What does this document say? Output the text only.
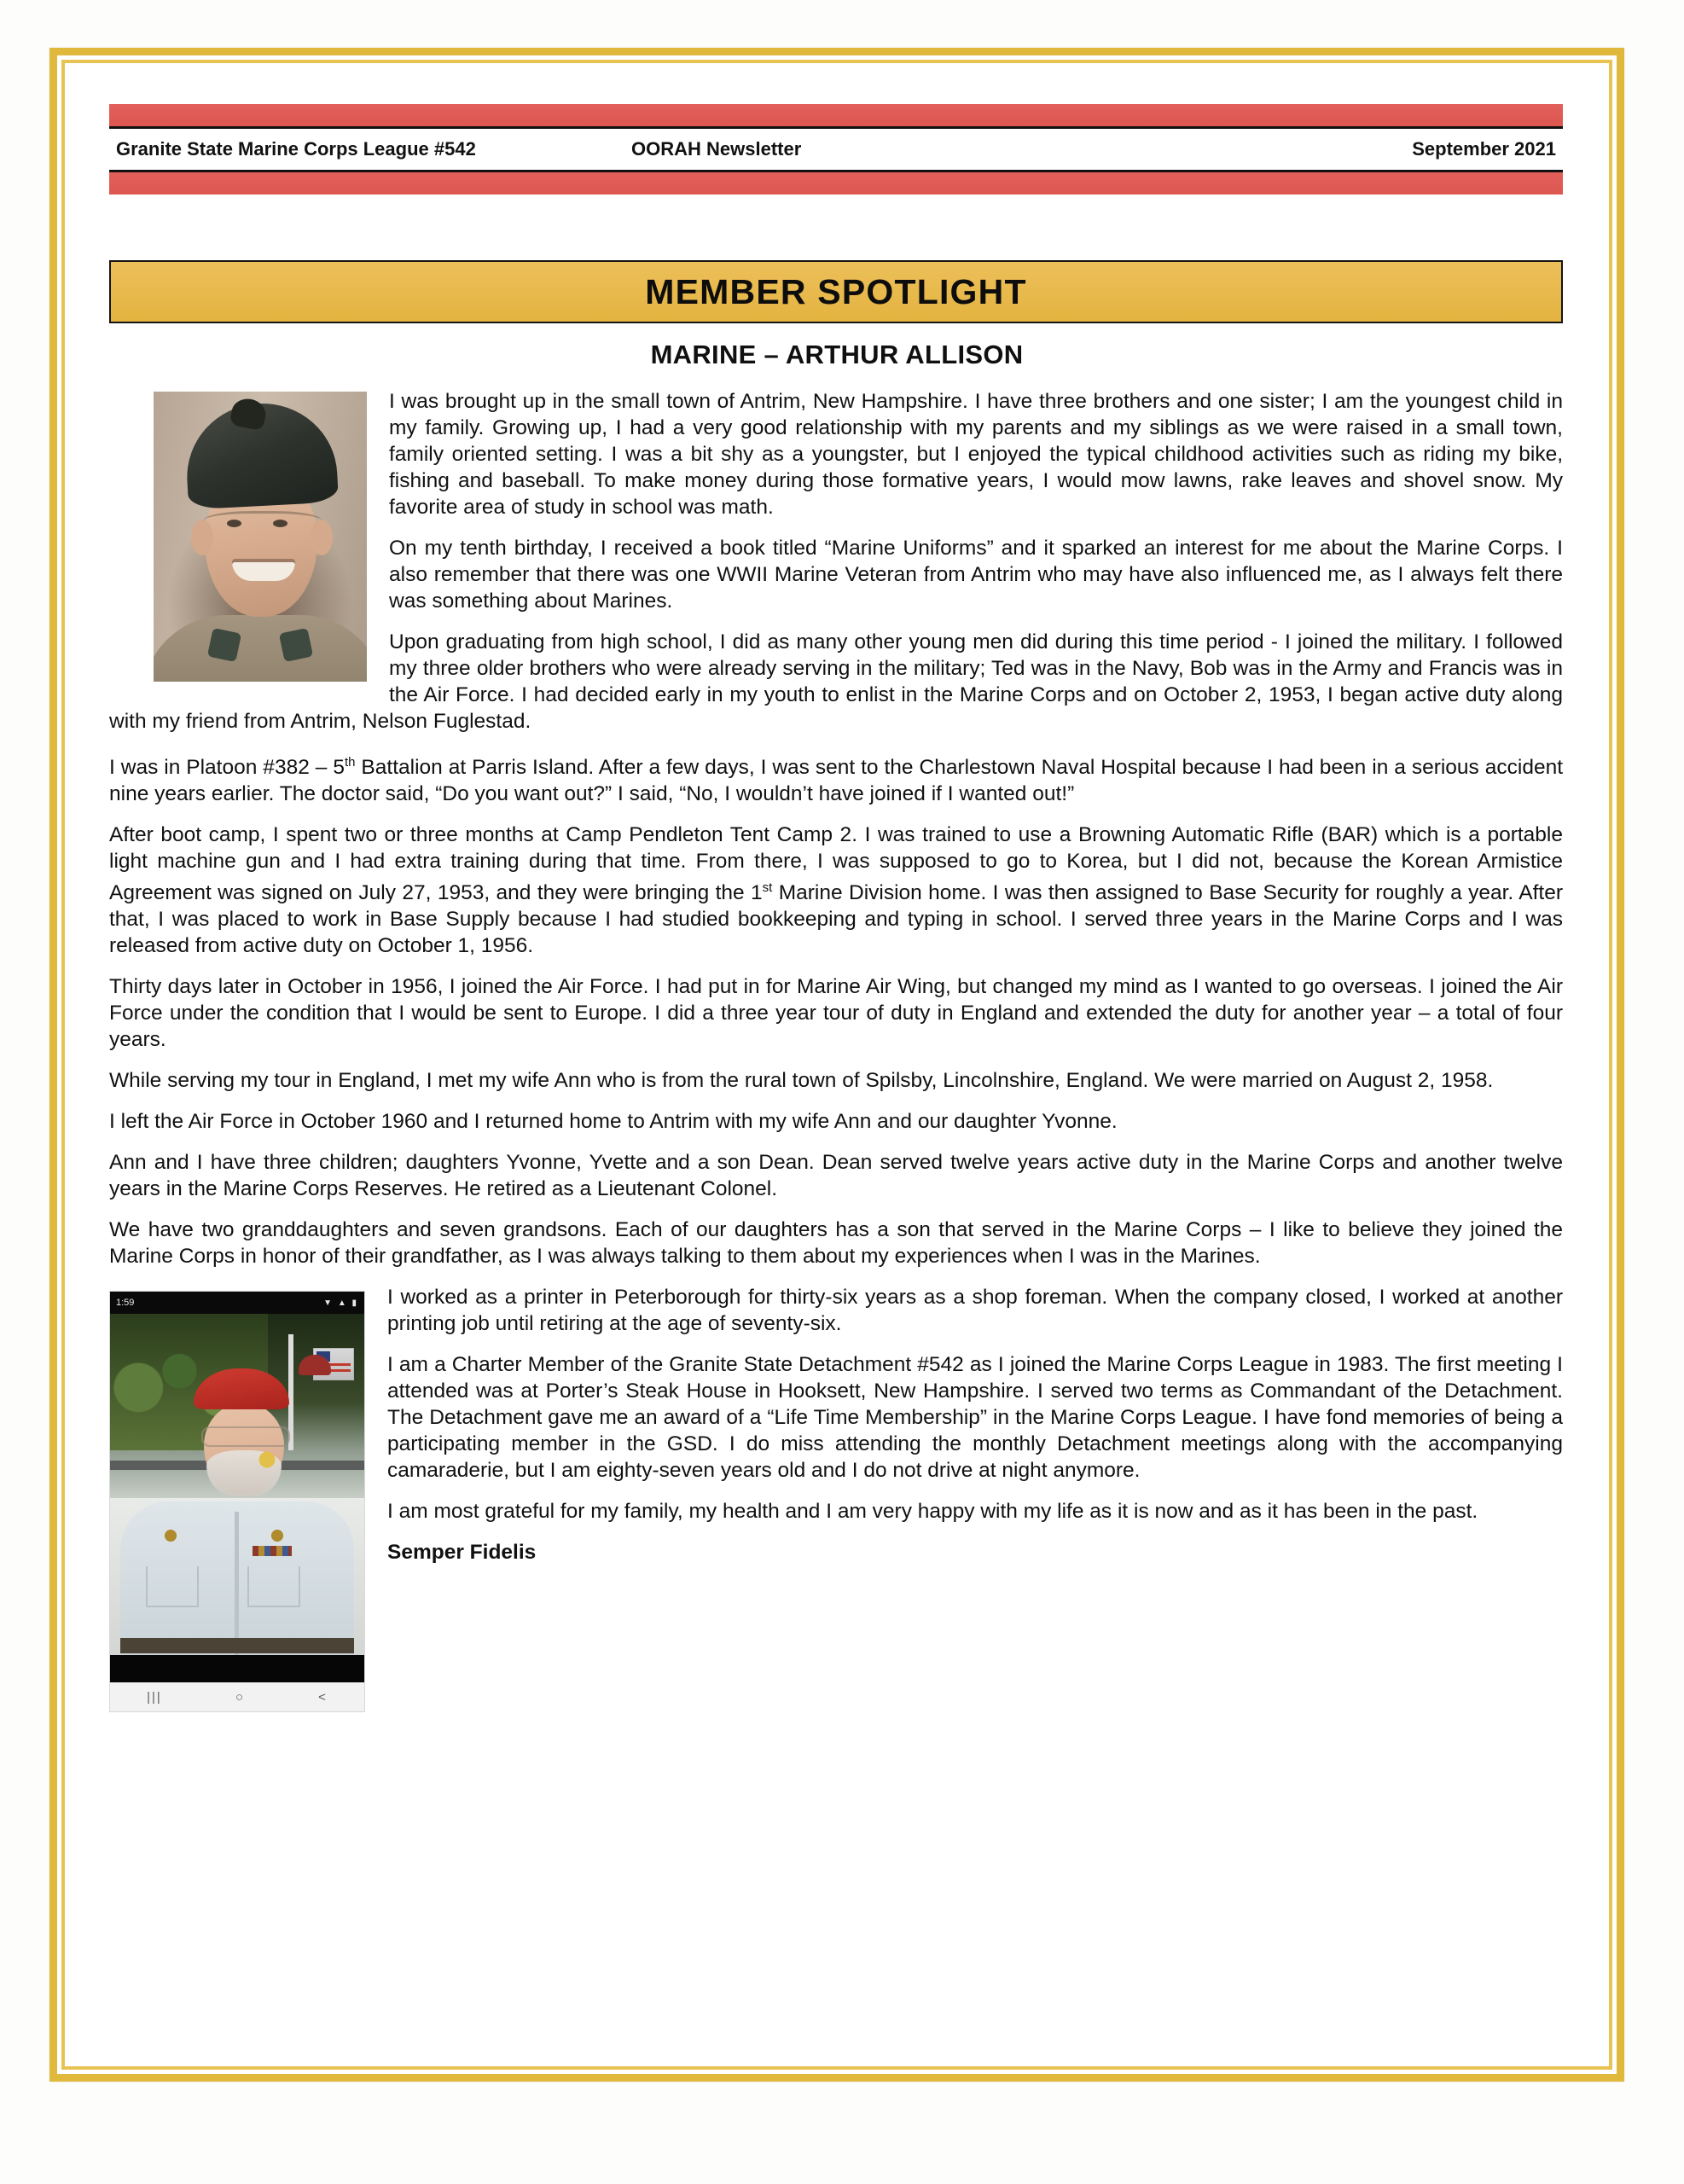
Granite State Marine Corps League #542	OORAH Newsletter	September 2021
MEMBER SPOTLIGHT
MARINE – ARTHUR ALLISON

I was brought up in the small town of Antrim, New Hampshire. I have three brothers and one sister; I am the youngest child in my family. Growing up, I had a very good relationship with my parents and my siblings as we were raised in a small town, family oriented setting. I was a bit shy as a youngster, but I enjoyed the typical childhood activities such as riding my bike, fishing and baseball. To make money during those formative years, I would mow lawns, rake leaves and shovel snow. My favorite area of study in school was math.

On my tenth birthday, I received a book titled “Marine Uniforms” and it sparked an interest for me about the Marine Corps. I also remember that there was one WWII Marine Veteran from Antrim who may have also influenced me, as I always felt there was something about Marines.

Upon graduating from high school, I did as many other young men did during this time period - I joined the military. I followed my three older brothers who were already serving in the military; Ted was in the Navy, Bob was in the Army and Francis was in the Air Force. I had decided early in my youth to enlist in the Marine Corps and on October 2, 1953, I began active duty along with my friend from Antrim, Nelson Fuglestad.

I was in Platoon #382 – 5th Battalion at Parris Island. After a few days, I was sent to the Charlestown Naval Hospital because I had been in a serious accident nine years earlier. The doctor said, “Do you want out?” I said, “No, I wouldn’t have joined if I wanted out!”

After boot camp, I spent two or three months at Camp Pendleton Tent Camp 2. I was trained to use a Browning Automatic Rifle (BAR) which is a portable light machine gun and I had extra training during that time. From there, I was supposed to go to Korea, but I did not, because the Korean Armistice Agreement was signed on July 27, 1953, and they were bringing the 1st Marine Division home. I was then assigned to Base Security for roughly a year. After that, I was placed to work in Base Supply because I had studied bookkeeping and typing in school. I served three years in the Marine Corps and I was released from active duty on October 1, 1956.

Thirty days later in October in 1956, I joined the Air Force. I had put in for Marine Air Wing, but changed my mind as I wanted to go overseas. I joined the Air Force under the condition that I would be sent to Europe. I did a three year tour of duty in England and extended the duty for another year – a total of four years.

While serving my tour in England, I met my wife Ann who is from the rural town of Spilsby, Lincolnshire, England. We were married on August 2, 1958.

I left the Air Force in October 1960 and I returned home to Antrim with my wife Ann and our daughter Yvonne.

Ann and I have three children; daughters Yvonne, Yvette and a son Dean. Dean served twelve years active duty in the Marine Corps and another twelve years in the Marine Corps Reserves. He retired as a Lieutenant Colonel.

We have two granddaughters and seven grandsons. Each of our daughters has a son that served in the Marine Corps – I like to believe they joined the Marine Corps in honor of their grandfather, as I was always talking to them about my experiences when I was in the Marines.

1:59	▼ ▲ ▮
|||	○	<

I worked as a printer in Peterborough for thirty-six years as a shop foreman. When the company closed, I worked at another printing job until retiring at the age of seventy-six.

I am a Charter Member of the Granite State Detachment #542 as I joined the Marine Corps League in 1983. The first meeting I attended was at Porter’s Steak House in Hooksett, New Hampshire. I served two terms as Commandant of the Detachment. The Detachment gave me an award of a “Life Time Membership” in the Marine Corps League. I have fond memories of being a participating member in the GSD. I do miss attending the monthly Detachment meetings along with the accompanying camaraderie, but I am eighty-seven years old and I do not drive at night anymore.

I am most grateful for my family, my health and I am very happy with my life as it is now and as it has been in the past.

Semper Fidelis
